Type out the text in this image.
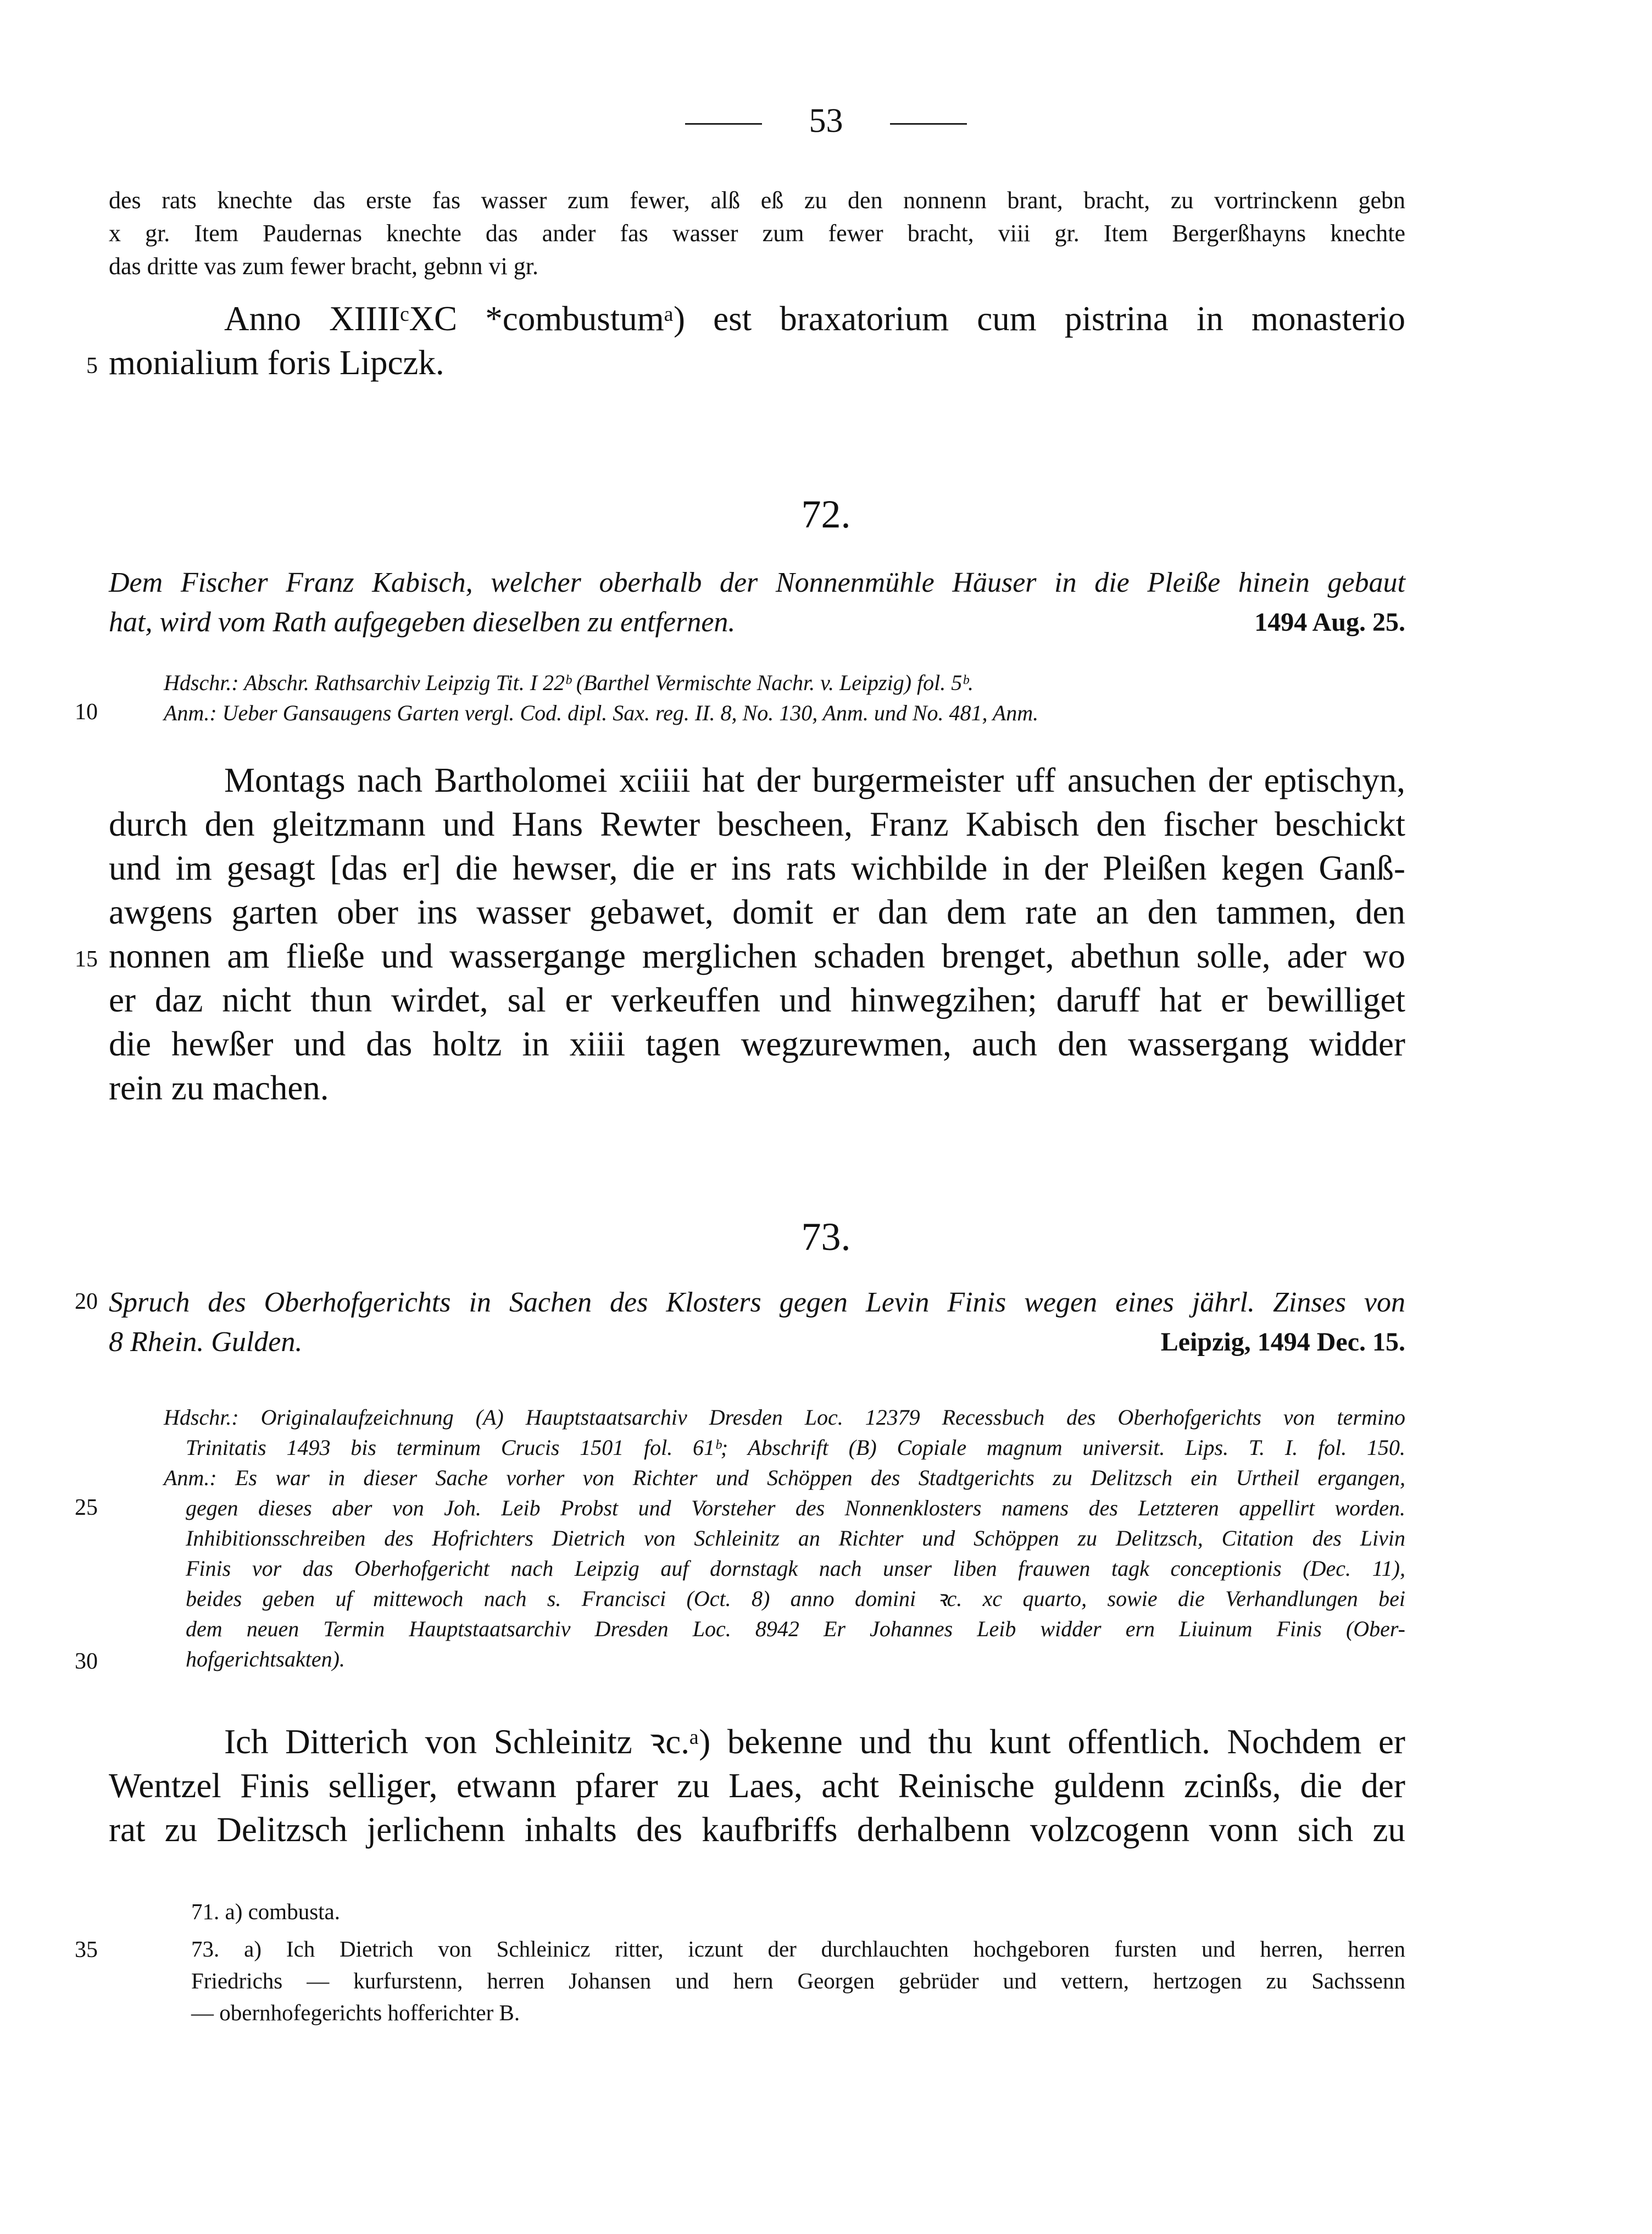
53
des rats knechte das erste fas wasser zum fewer, alß eß zu den nonnenn brant, bracht, zu vortrinckenn gebn
x gr. Item Paudernas knechte das ander fas wasser zum fewer bracht, viii gr. Item Bergerßhayns knechte
das dritte vas zum fewer bracht, gebnn vi gr.
Anno XIIIIᶜXC *combustumᵃ) est braxatorium cum pistrina in monasterio
monialium foris Lipczk.
5
72.
Dem Fischer Franz Kabisch, welcher oberhalb der Nonnenmühle Häuser in die Pleiße hinein gebaut
hat, wird vom Rath aufgegeben dieselben zu entfernen.	1494 Aug. 25.
Hdschr.: Abschr. Rathsarchiv Leipzig Tit. I 22ᵇ (Barthel Vermischte Nachr. v. Leipzig) fol. 5ᵇ.
Anm.: Ueber Gansaugens Garten vergl. Cod. dipl. Sax. reg. II. 8, No. 130, Anm. und No. 481, Anm.
10
Montags nach Bartholomei xciiii hat der burgermeister uff ansuchen der eptischyn,
durch den gleitzmann und Hans Rewter bescheen, Franz Kabisch den fischer beschickt
und im gesagt [das er] die hewser, die er ins rats wichbilde in der Pleißen kegen Ganß-
awgens garten ober ins wasser gebawet, domit er dan dem rate an den tammen, den
nonnen am fließe und wassergange merglichen schaden brenget, abethun solle, ader wo
er daz nicht thun wirdet, sal er verkeuffen und hinwegzihen; daruff hat er bewilliget
die hewßer und das holtz in xiiii tagen wegzurewmen, auch den wassergang widder
rein zu machen.
15
73.
Spruch des Oberhofgerichts in Sachen des Klosters gegen Levin Finis wegen eines jährl. Zinses von
8 Rhein. Gulden.	Leipzig, 1494 Dec. 15.
20
Hdschr.: Originalaufzeichnung (A) Hauptstaatsarchiv Dresden Loc. 12379 Recessbuch des Oberhofgerichts von termino
Trinitatis 1493 bis terminum Crucis 1501 fol. 61ᵇ; Abschrift (B) Copiale magnum universit. Lips. T. I. fol. 150.
Anm.: Es war in dieser Sache vorher von Richter und Schöppen des Stadtgerichts zu Delitzsch ein Urtheil ergangen,
gegen dieses aber von Joh. Leib Probst und Vorsteher des Nonnenklosters namens des Letzteren appellirt worden.
Inhibitionsschreiben des Hofrichters Dietrich von Schleinitz an Richter und Schöppen zu Delitzsch, Citation des Livin
Finis vor das Oberhofgericht nach Leipzig auf dornstagk nach unser liben frauwen tagk conceptionis (Dec. 11),
beides geben uf mittewoch nach s. Francisci (Oct. 8) anno domini ꝛc. xc quarto, sowie die Verhandlungen bei
dem neuen Termin Hauptstaatsarchiv Dresden Loc. 8942 Er Johannes Leib widder ern Liuinum Finis (Ober-
hofgerichtsakten).
25
30
Ich Ditterich von Schleinitz ꝛc.ᵃ) bekenne und thu kunt offentlich. Nochdem er
Wentzel Finis selliger, etwann pfarer zu Laes, acht Reinische guldenn zcinßs, die der
rat zu Delitzsch jerlichenn inhalts des kaufbriffs derhalbenn volzcogenn vonn sich zu
71. a) combusta.
73. a) Ich Dietrich von Schleinicz ritter, iczunt der durchlauchten hochgeboren fursten und herren, herren
Friedrichs — kurfurstenn, herren Johansen und hern Georgen gebrüder und vettern, hertzogen zu Sachssenn
— obernhofegerichts hofferichter B.
35
